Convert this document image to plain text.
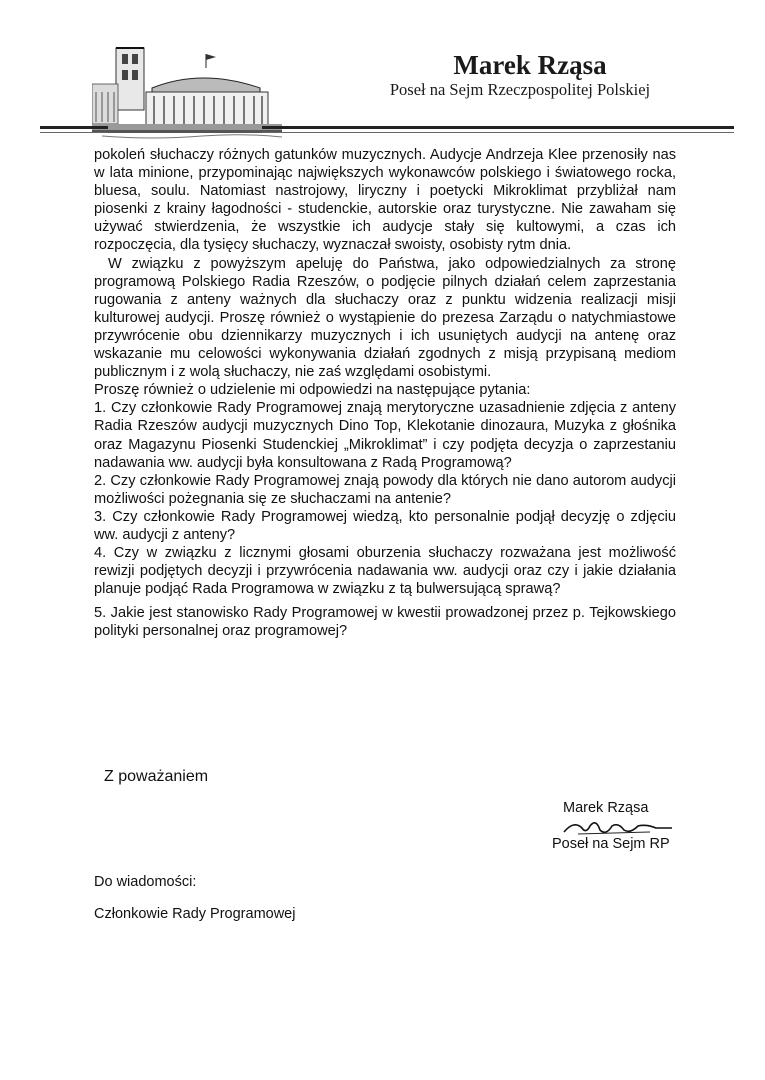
Marek Rząsa
Poseł na Sejm Rzeczpospolitej Polskiej

pokoleń słuchaczy różnych gatunków muzycznych. Audycje Andrzeja Klee przenosiły nas w lata minione, przypominając największych wykonawców polskiego i światowego rocka, bluesa, soulu. Natomiast nastrojowy, liryczny i poetycki Mikroklimat przybliżał nam piosenki z krainy łagodności - studenckie, autorskie oraz turystyczne. Nie zawaham się używać stwierdzenia, że wszystkie ich audycje stały się kultowymi, a czas ich rozpoczęcia, dla tysięcy słuchaczy, wyznaczał swoisty, osobisty rytm dnia.

W związku z powyższym apeluję do Państwa, jako odpowiedzialnych za stronę programową Polskiego Radia Rzeszów, o podjęcie pilnych działań celem zaprzestania rugowania z anteny ważnych dla słuchaczy oraz z punktu widzenia realizacji misji kulturowej audycji. Proszę również o wystąpienie do prezesa Zarządu o natychmiastowe przywrócenie obu dziennikarzy muzycznych i ich usuniętych audycji na antenę oraz wskazanie mu celowości wykonywania działań zgodnych z misją przypisaną mediom publicznym i z wolą słuchaczy, nie zaś względami osobistymi.

Proszę również o udzielenie mi odpowiedzi na następujące pytania:

1. Czy członkowie Rady Programowej znają merytoryczne uzasadnienie zdjęcia z anteny Radia Rzeszów audycji muzycznych Dino Top, Klekotanie dinozaura, Muzyka z głośnika oraz Magazynu Piosenki Studenckiej „Mikroklimat” i czy podjęta decyzja o zaprzestaniu nadawania ww. audycji była konsultowana z Radą Programową?

2. Czy członkowie Rady Programowej znają powody dla których nie dano autorom audycji możliwości pożegnania się ze słuchaczami na antenie?

3. Czy członkowie Rady Programowej wiedzą, kto personalnie podjął decyzję o zdjęciu ww. audycji z anteny?

4. Czy w związku z licznymi głosami oburzenia słuchaczy rozważana jest możliwość rewizji podjętych decyzji i przywrócenia nadawania ww. audycji oraz czy i jakie działania planuje podjąć Rada Programowa w związku z tą bulwersującą sprawą?

5. Jakie jest stanowisko Rady Programowej w kwestii prowadzonej przez p. Tejkowskiego polityki personalnej oraz programowej?

Z poważaniem
Marek Rząsa
Poseł na Sejm RP
Do wiadomości:
Członkowie Rady Programowej
